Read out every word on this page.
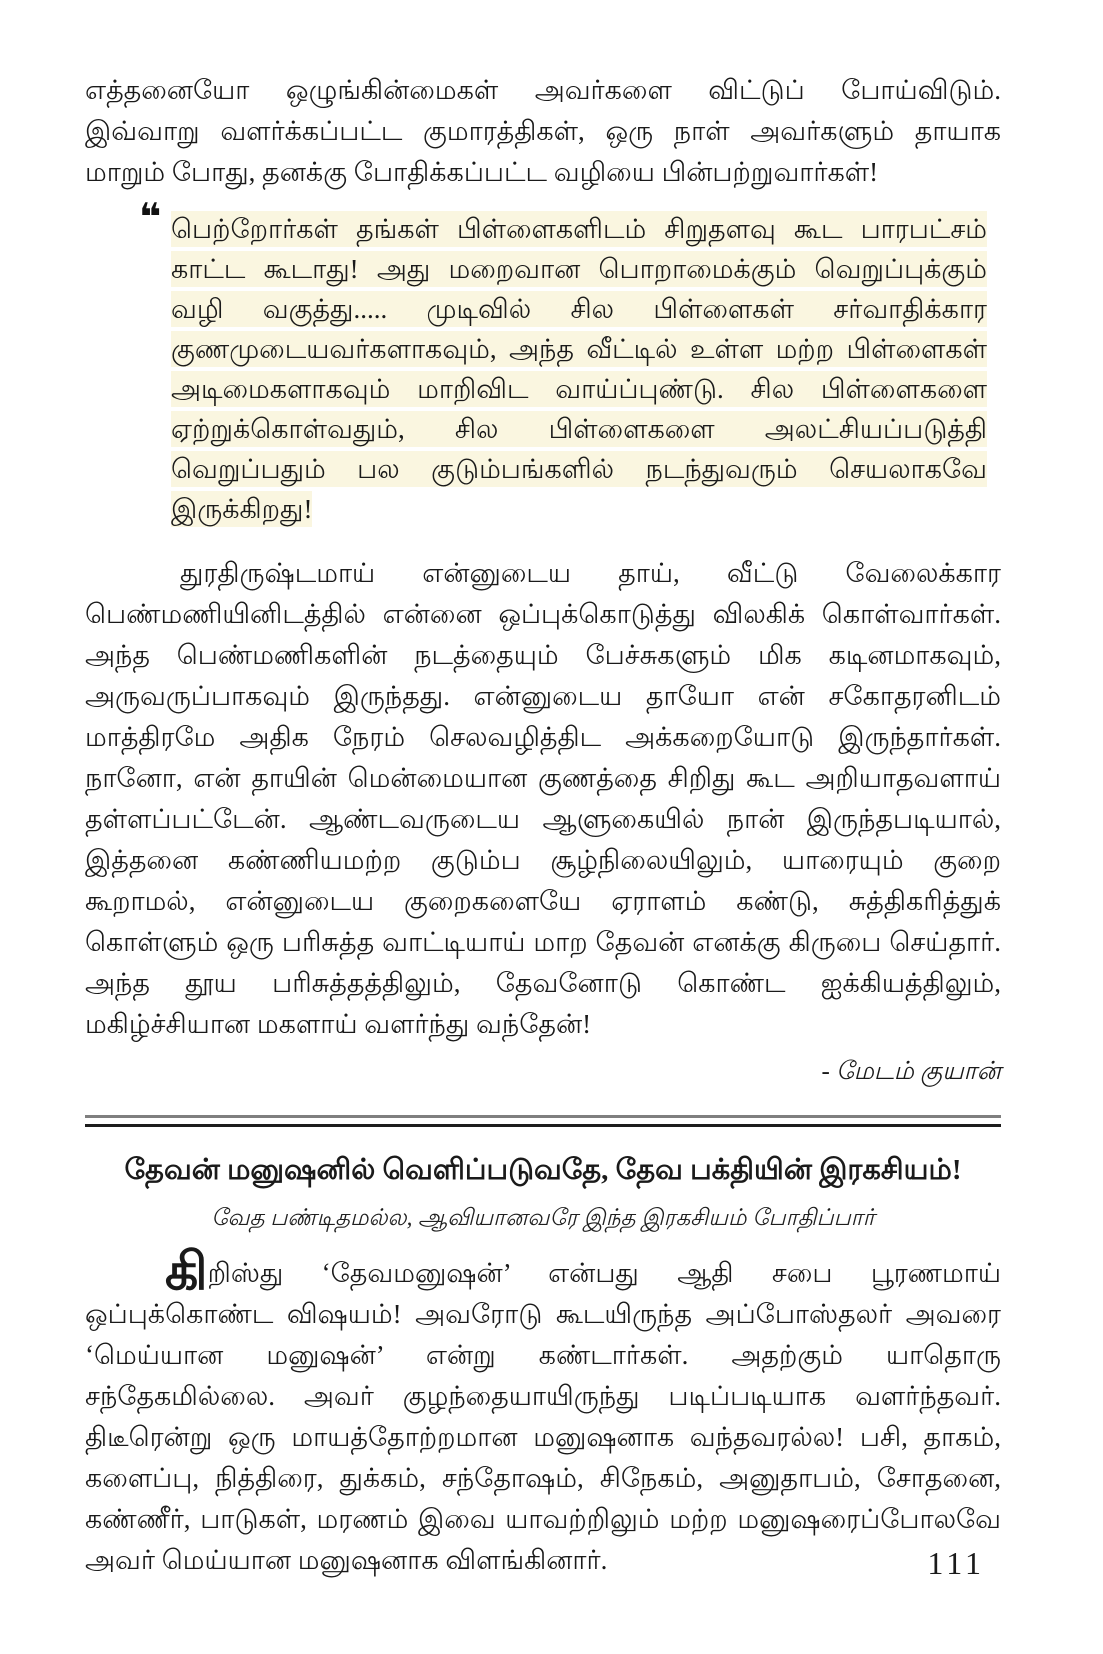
எத்தனையோ ஒழுங்கின்மைகள் அவர்களை விட்டுப் போய்விடும். இவ்வாறு வளர்க்கப்பட்ட குமாரத்திகள், ஒரு நாள் அவர்களும் தாயாக மாறும் போது, தனக்கு போதிக்கப்பட்ட வழியை பின்பற்றுவார்கள்!

❝ பெற்றோர்கள் தங்கள் பிள்ளைகளிடம் சிறுதளவு கூட பாரபட்சம் காட்ட கூடாது! அது மறைவான பொறாமைக்கும் வெறுப்புக்கும் வழி வகுத்து..... முடிவில் சில பிள்ளைகள் சர்வாதிக்கார குணமுடையவர்களாகவும், அந்த வீட்டில் உள்ள மற்ற பிள்ளைகள் அடிமைகளாகவும் மாறிவிட வாய்ப்புண்டு. சில பிள்ளைகளை ஏற்றுக்கொள்வதும், சில பிள்ளைகளை அலட்சியப்படுத்தி வெறுப்பதும் பல குடும்பங்களில் நடந்துவரும் செயலாகவே இருக்கிறது!

துரதிருஷ்டமாய் என்னுடைய தாய், வீட்டு வேலைக்கார பெண்மணியினிடத்தில் என்னை ஒப்புக்கொடுத்து விலகிக் கொள்வார்கள். அந்த பெண்மணிகளின் நடத்தையும் பேச்சுகளும் மிக கடினமாகவும், அருவருப்பாகவும் இருந்தது. என்னுடைய தாயோ என் சகோதரனிடம் மாத்திரமே அதிக நேரம் செலவழித்திட அக்கறையோடு இருந்தார்கள். நானோ, என் தாயின் மென்மையான குணத்தை சிறிது கூட அறியாதவளாய் தள்ளப்பட்டேன். ஆண்டவருடைய ஆளுகையில் நான் இருந்தபடியால், இத்தனை கண்ணியமற்ற குடும்ப சூழ்நிலையிலும், யாரையும் குறை கூறாமல், என்னுடைய குறைகளையே ஏராளம் கண்டு, சுத்திகரித்துக் கொள்ளும் ஒரு பரிசுத்த வாட்டியாய் மாற தேவன் எனக்கு கிருபை செய்தார். அந்த தூய பரிசுத்தத்திலும், தேவனோடு கொண்ட ஐக்கியத்திலும், மகிழ்ச்சியான மகளாய் வளர்ந்து வந்தேன்!

- மேடம் குயான்

தேவன் மனுஷனில் வெளிப்படுவதே, தேவ பக்தியின் இரகசியம்!

வேத பண்டிதமல்ல, ஆவியானவரே இந்த இரகசியம் போதிப்பார்

கிறிஸ்து ‘தேவமனுஷன்’ என்பது ஆதி சபை பூரணமாய் ஒப்புக்கொண்ட விஷயம்! அவரோடு கூடயிருந்த அப்போஸ்தலர் அவரை ‘மெய்யான மனுஷன்’ என்று கண்டார்கள். அதற்கும் யாதொரு சந்தேகமில்லை. அவர் குழந்தையாயிருந்து படிப்படியாக வளர்ந்தவர். திடீரென்று ஒரு மாயத்தோற்றமான மனுஷனாக வந்தவரல்ல! பசி, தாகம், களைப்பு, நித்திரை, துக்கம், சந்தோஷம், சிநேகம், அனுதாபம், சோதனை, கண்ணீர், பாடுகள், மரணம் இவை யாவற்றிலும் மற்ற மனுஷரைப்போலவே அவர் மெய்யான மனுஷனாக விளங்கினார்.	111
